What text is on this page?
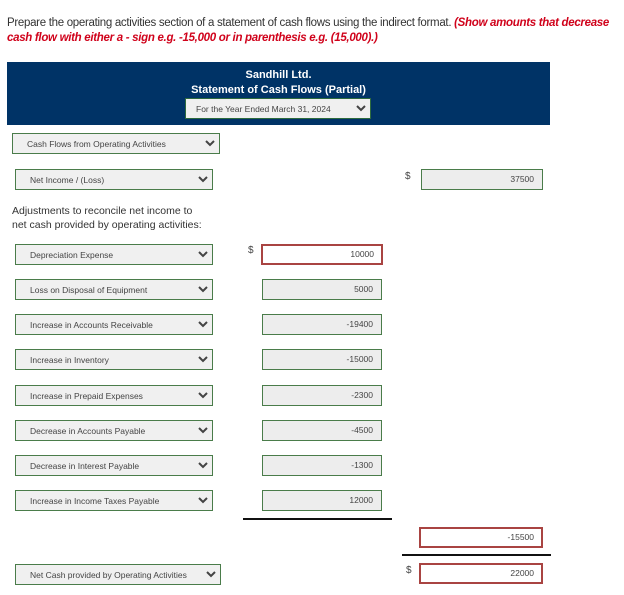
Prepare the operating activities section of a statement of cash flows using the indirect format. (Show amounts that decrease cash flow with either a - sign e.g. -15,000 or in parenthesis e.g. (15,000).)
Sandhill Ltd.
Statement of Cash Flows (Partial)
For the Year Ended March 31, 2024
Cash Flows from Operating Activities
Net Income / (Loss)	$	37500
Adjustments to reconcile net income to
net cash provided by operating activities:
Depreciation Expense	$	10000
Loss on Disposal of Equipment	5000
Increase in Accounts Receivable	-19400
Increase in Inventory	-15000
Increase in Prepaid Expenses	-2300
Decrease in Accounts Payable	-4500
Decrease in Interest Payable	-1300
Increase in Income Taxes Payable	12000
-15500
Net Cash provided by Operating Activities	$	22000
